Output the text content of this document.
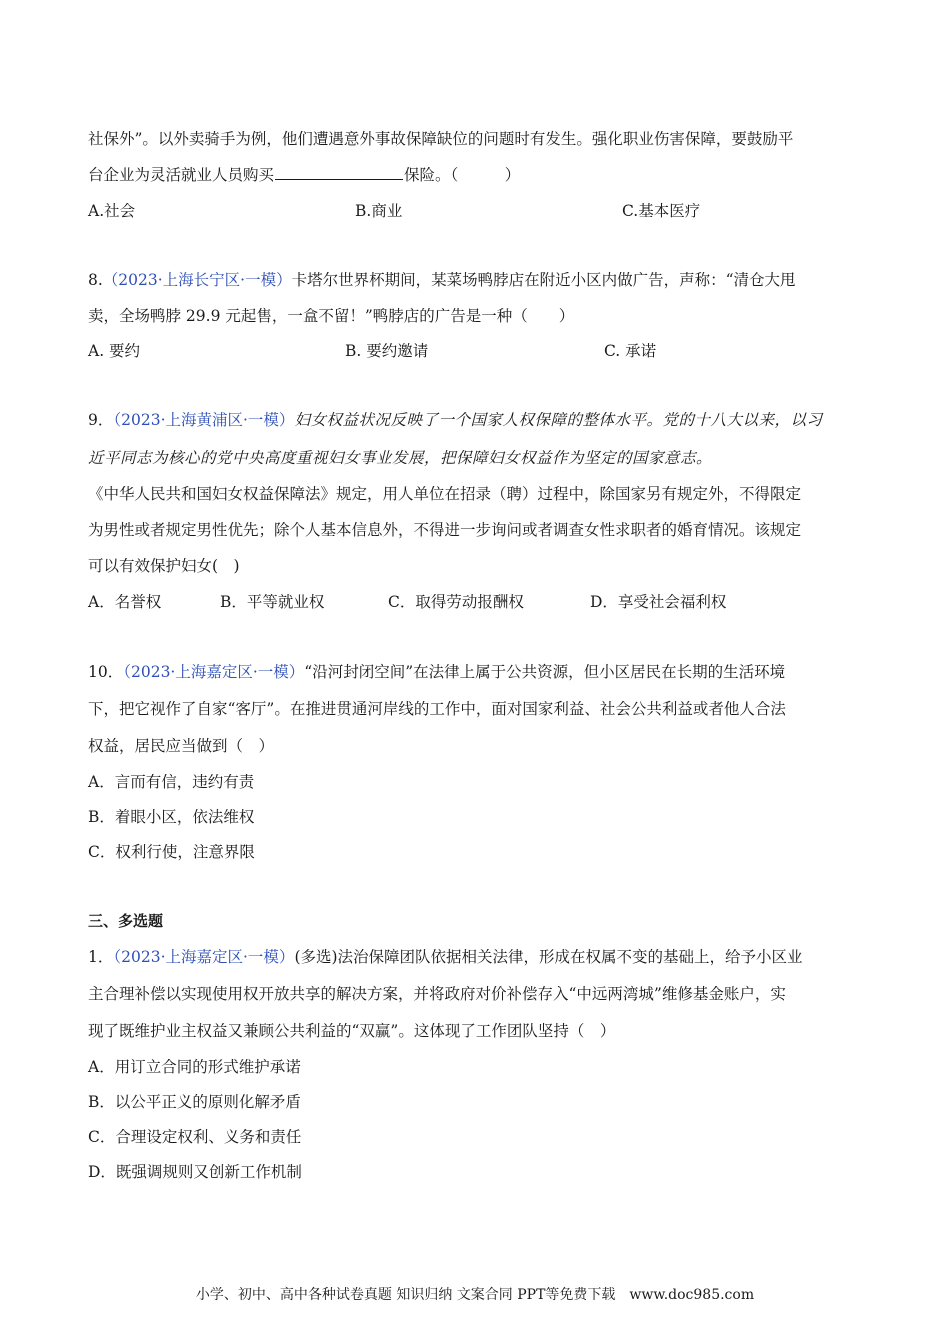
社保外”。以外卖骑手为例，他们遭遇意外事故保障缺位的问题时有发生。强化职业伤害保障，要鼓励平
台企业为灵活就业人员购买	保险。（　　　）
A.社会	B.商业	C.基本医疗
8.（2023·上海长宁区·一模）卡塔尔世界杯期间，某菜场鸭脖店在附近小区内做广告，声称：“清仓大甩
卖，全场鸭脖 29.9 元起售，一盒不留！”鸭脖店的广告是一种（　　）
A. 要约	B. 要约邀请	C. 承诺
9．（2023·上海黄浦区·一模）妇女权益状况反映了一个国家人权保障的整体水平。党的十八大以来，以习
近平同志为核心的党中央高度重视妇女事业发展，把保障妇女权益作为坚定的国家意志。
《中华人民共和国妇女权益保障法》规定，用人单位在招录（聘）过程中，除国家另有规定外，不得限定
为男性或者规定男性优先；除个人基本信息外，不得进一步询问或者调查女性求职者的婚育情况。该规定
可以有效保护妇女(　)
A．名誉权	B．平等就业权	C．取得劳动报酬权	D．享受社会福利权
10．（2023·上海嘉定区·一模）“沿河封闭空间”在法律上属于公共资源，但小区居民在长期的生活环境
下，把它视作了自家“客厅”。在推进贯通河岸线的工作中，面对国家利益、社会公共利益或者他人合法
权益，居民应当做到（　）
A．言而有信，违约有责
B．着眼小区，依法维权
C．权利行使，注意界限
三、多选题
1．（2023·上海嘉定区·一模）(多选)法治保障团队依据相关法律，形成在权属不变的基础上，给予小区业
主合理补偿以实现使用权开放共享的解决方案，并将政府对价补偿存入“中远两湾城”维修基金账户，实
现了既维护业主权益又兼顾公共利益的“双赢”。这体现了工作团队坚持（　）
A．用订立合同的形式维护承诺
B．以公平正义的原则化解矛盾
C．合理设定权利、义务和责任
D．既强调规则又创新工作机制
小学、初中、高中各种试卷真题 知识归纳 文案合同 PPT等免费下载　www.doc985.com
